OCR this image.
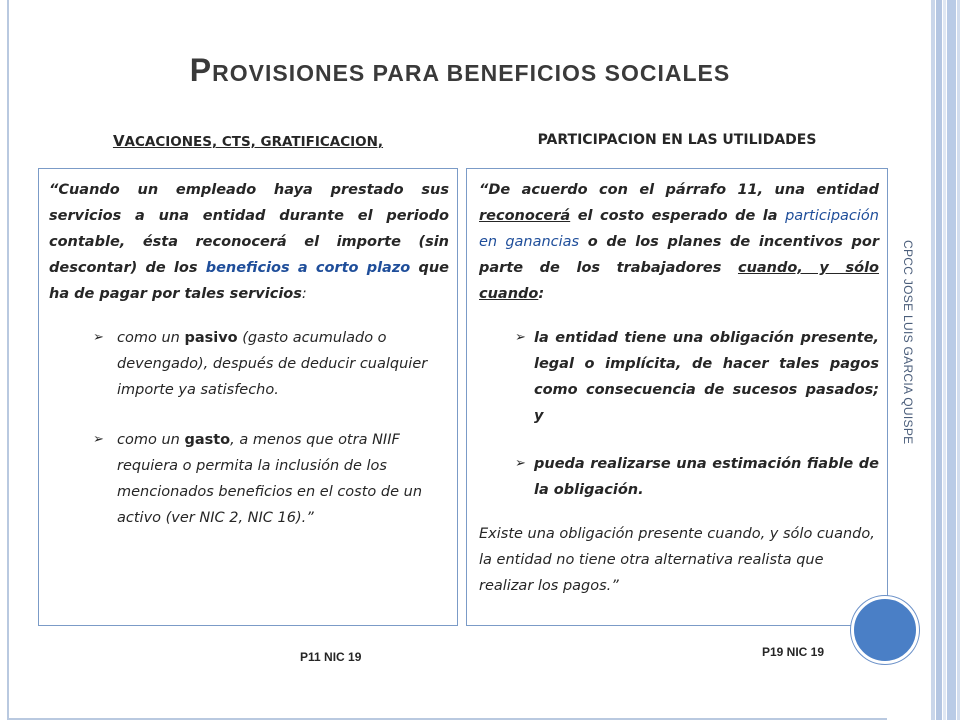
PROVISIONES PARA BENEFICIOS SOCIALES
VACACIONES, CTS, GRATIFICACION,	PARTICIPACION EN LAS UTILIDADES
“Cuando un empleado haya prestado sus servicios a una entidad durante el periodo contable, ésta reconocerá el importe (sin descontar) de los beneficios a corto plazo que ha de pagar por tales servicios:
➢ como un pasivo (gasto acumulado o devengado), después de deducir cualquier importe ya satisfecho.
➢ como un gasto, a menos que otra NIIF requiera o permita la inclusión de los mencionados beneficios en el costo de un activo (ver NIC 2, NIC 16).”
“De acuerdo con el párrafo 11, una entidad reconocerá el costo esperado de la participación en ganancias o de los planes de incentivos por parte de los trabajadores cuando, y sólo cuando:
➢ la entidad tiene una obligación presente, legal o implícita, de hacer tales pagos como consecuencia de sucesos pasados; y
➢ pueda realizarse una estimación fiable de la obligación.
Existe una obligación presente cuando, y sólo cuando, la entidad no tiene otra alternativa realista que realizar los pagos.”
P11 NIC 19	P19 NIC 19
CPCC JOSE LUIS GARCIA QUISPE
